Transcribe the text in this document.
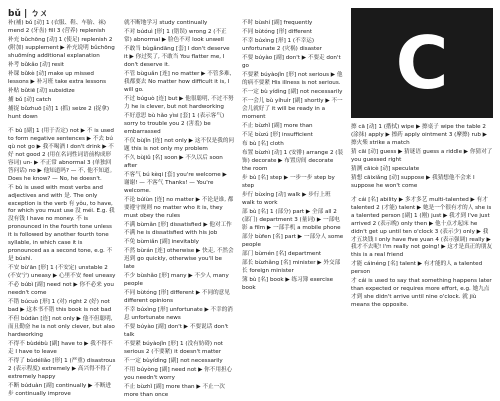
bǔ | ㄅㄨ
补(補) bǔ [动] 1 (衣服、鞋、车胎、袜) mend 2 (牙齿) fill 3 (营养) replenish
补充 bǔchōng [动] 1 (使足) replenish 2 (附加) supplement ▶ 补充说明 bǔchōng shuōmíng additional explanation
补考 bǔkǎo [动] resit
补课 bǔkè [动] make up missed lessons ▶ 补习班 take extra lessons
补贴 bǔtiē [动] subsidize
捕 bǔ [动] catch
捕捉 bǔzhuō [动] 1 (抓) seize 2 (捉拿) hunt down
不 bù [副] 1 (用于否定) not ▶ 不 is used to form negative sentences ▶ 不去 bú qù not go ▶ 我不喝酒 I don't drink ▶ 不好 not good 2 (用在名词性词语前构成形容词) un- ▶ 不正常 abnormal 3 (单独回答问话) no ▶ 他知道吗? — 不, 他不知道。 Does he know? — No, he doesn't.
不 bù is used with most verbs and adjectives and with 是. The only exception is the verb 有 yǒu, to have, for which you must use 没 méi. E.g. 我没有钱 I have no money. 不 is pronounced in the fourth tone unless it is followed by another fourth tone syllable, in which case it is pronounced as a second tone, e.g. 不是 búshì.
不安 bù'ān [形] 1 (不安定) unstable 2 (不安宁) uneasy ▶ 心里不安 feel uneasy
不必 búbì [副] need not ▶ 你不必来 you needn't come
不错 búcuò [形] 1 (对) right 2 (好) not bad ▶ 这本书不错 this book is not bad
不但 búdàn [连] not only ▶ 他不但聪明, 而且勤奋 he is not only clever, but also hardworking
不得不 bùdébù [副] have to ▶ 我不得不走 I have to leave
不得了 bùdéliǎo [形] 1 (严重) disastrous 2 (表示程度) extremely ▶ 高兴得不得了 extremely happy
不断 búduàn [副] continually ▶ 不断进步 continually improve
就不断地学习 study continually
不对 búduì [形] 1 (错误) wrong 2 (不正常) abnormal ▶ 脸色不对 look unwell
不敢当 bùgǎndāng [套] I don't deserve it ▶ 你过奖了, 不敢当 You flatter me, I don't deserve it.
不管 bùguǎn [连] no matter ▶ 不管多难, 我都要去 No matter how difficult it is, I will go.
不过 búguò [连] but ▶ 他很聪明, 不过不努力 he is clever, but not hardworking
不好意思 bù hǎo yìsi [套] 1 (表示客气) sorry to trouble you 2 (害羞) be embarrassed
不仅 bùjǐn [连] not only ▶ 这不仅是我的问题 this is not only my problem
不久 bùjiǔ [名] soon ▶ 不久以后 soon after
不客气 bú kèqi [套] you're welcome ▶ 谢谢! — 不客气 Thanks! — You're welcome.
不论 búlùn [连] no matter ▶ 不论是谁, 都要遵守规则 no matter who it is, they must obey the rules
不满 bùmǎn [形] dissatisfied ▶ 他对工作不满 he is dissatisfied with his job
不免 bùmiǎn [副] inevitably
不然 bùrán [连] otherwise ▶ 快走, 不然会迟到 go quickly, otherwise you'll be late
不少 bùshǎo [形] many ▶ 不少人 many people
不同 bùtóng [形] different ▶ 不同的意见 different opinions
不幸 búxìng [形] unfortunate ▶ 不幸的消息 unfortunate news
不要 búyào [副] don't ▶ 不要说话 don't talk
不要紧 búyàojǐn [形] 1 (没有妨碍) not serious 2 (不要紧) it doesn't matter
不一定 bùyídìng [副] not necessarily
不用 búyòng [副] need not ▶ 你不用担心 you needn't worry
不止 bùzhǐ [副] more than ▶ 不止一次 more than once
不时 bùshí [副] frequently
不同 bùtóng [形] different
不幸 búxìng [形] 1 (不幸运) unfortunate 2 (灾祸) disaster
不要 búyào [副] don't ▶ 不要走 don't go
不要紧 búyàojǐn [形] not serious ▶ 他的病不要紧 His illness is not serious.
不一定 bù yídìng [副] not necessarily
不一会儿 bù yíhuìr [副] shortly ▶ 不一会儿就好了 it will be ready in a moment
不止 bùzhǐ [副] more than
不足 bùzú [形] insufficient
布 bù [名] cloth
布置 bùzhì [动] 1 (安排) arrange 2 (装饰) decorate ▶ 布置房间 decorate the room
步 bù [名] step ▶ 一步一步 step by step
步行 bùxíng [动] walk ▶ 步行上班 walk to work
部 bù [名] 1 (部分) part ▶ 全部 all 2 (部门) department 3 (量词) ▶ 一部电影 a film ▶ 一部手机 a mobile phone
部分 bùfen [名] part ▶ 一部分人 some people
部门 bùmén [名] department
部长 bùzhǎng [名] minister ▶ 外交部长 foreign minister
簿 bù [名] book ▶ 练习簿 exercise book
C
擦 cā [动] 1 (揩拭) wipe ▶ 擦桌子 wipe the table 2 (涂抹) apply ▶ 擦药 apply ointment 3 (摩擦) rub ▶ 擦火柴 strike a match
猜 cāi [动] guess ▶ 猜谜语 guess a riddle ▶ 你猜对了 you guessed right
猜测 cāicè [动] speculate
猜想 cāixiǎng [动] suppose ▶ 我猜想他不会来 I suppose he won't come
才 cái [名] ability ▶ 多才多艺 multi-talented ▶ 有才 talented 2 (才能) talent ▶ 她是一个很有才的人 she is a talented person [副] 1 (刚) just ▶ 我才到 I've just arrived 2 (表示晚) only then ▶ 他十点才起床 he didn't get up until ten o'clock 3 (表示少) only ▶ 我才五块钱 I only have five yuan 4 (表示强调) really ▶ 我才不去呢! I'm really not going! ▶ 这才是真正的朋友 this is a real friend
才能 cáinéng [名] talent ▶ 有才能的人 a talented person
才 cái is used to say that something happens later than expected or requires more effort, e.g. 她九点才到 she didn't arrive until nine o'clock. 就 jiù means the opposite.
